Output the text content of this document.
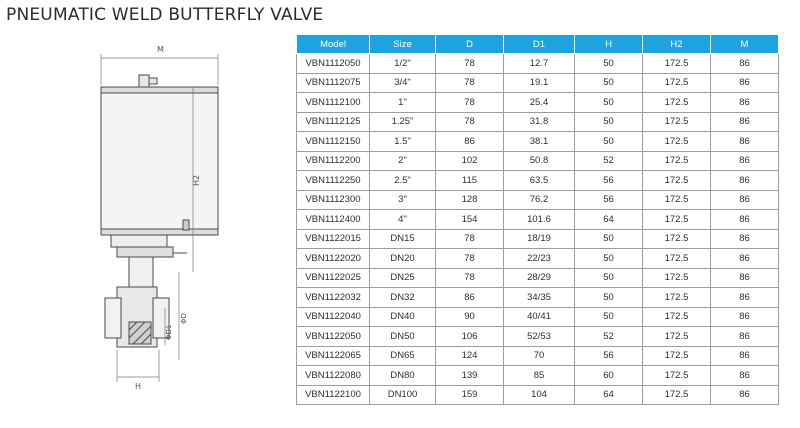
PNEUMATIC WELD BUTTERFLY VALVE
M
H2
ΦD1
ΦD
H
Model	Size	D	D1	H	H2	M
VBN1112050	1/2"	78	12.7	50	172.5	86
VBN1112075	3/4"	78	19.1	50	172.5	86
VBN1112100	1"	78	25.4	50	172.5	86
VBN1112125	1.25"	78	31.8	50	172.5	86
VBN1112150	1.5"	86	38.1	50	172.5	86
VBN1112200	2"	102	50.8	52	172.5	86
VBN1112250	2.5"	115	63.5	56	172.5	86
VBN1112300	3"	128	76.2	56	172.5	86
VBN1112400	4"	154	101.6	64	172.5	86
VBN1122015	DN15	78	18/19	50	172.5	86
VBN1122020	DN20	78	22/23	50	172.5	86
VBN1122025	DN25	78	28/29	50	172.5	86
VBN1122032	DN32	86	34/35	50	172.5	86
VBN1122040	DN40	90	40/41	50	172.5	86
VBN1122050	DN50	106	52/53	52	172.5	86
VBN1122065	DN65	124	70	56	172.5	86
VBN1122080	DN80	139	85	60	172.5	86
VBN1122100	DN100	159	104	64	172.5	86
